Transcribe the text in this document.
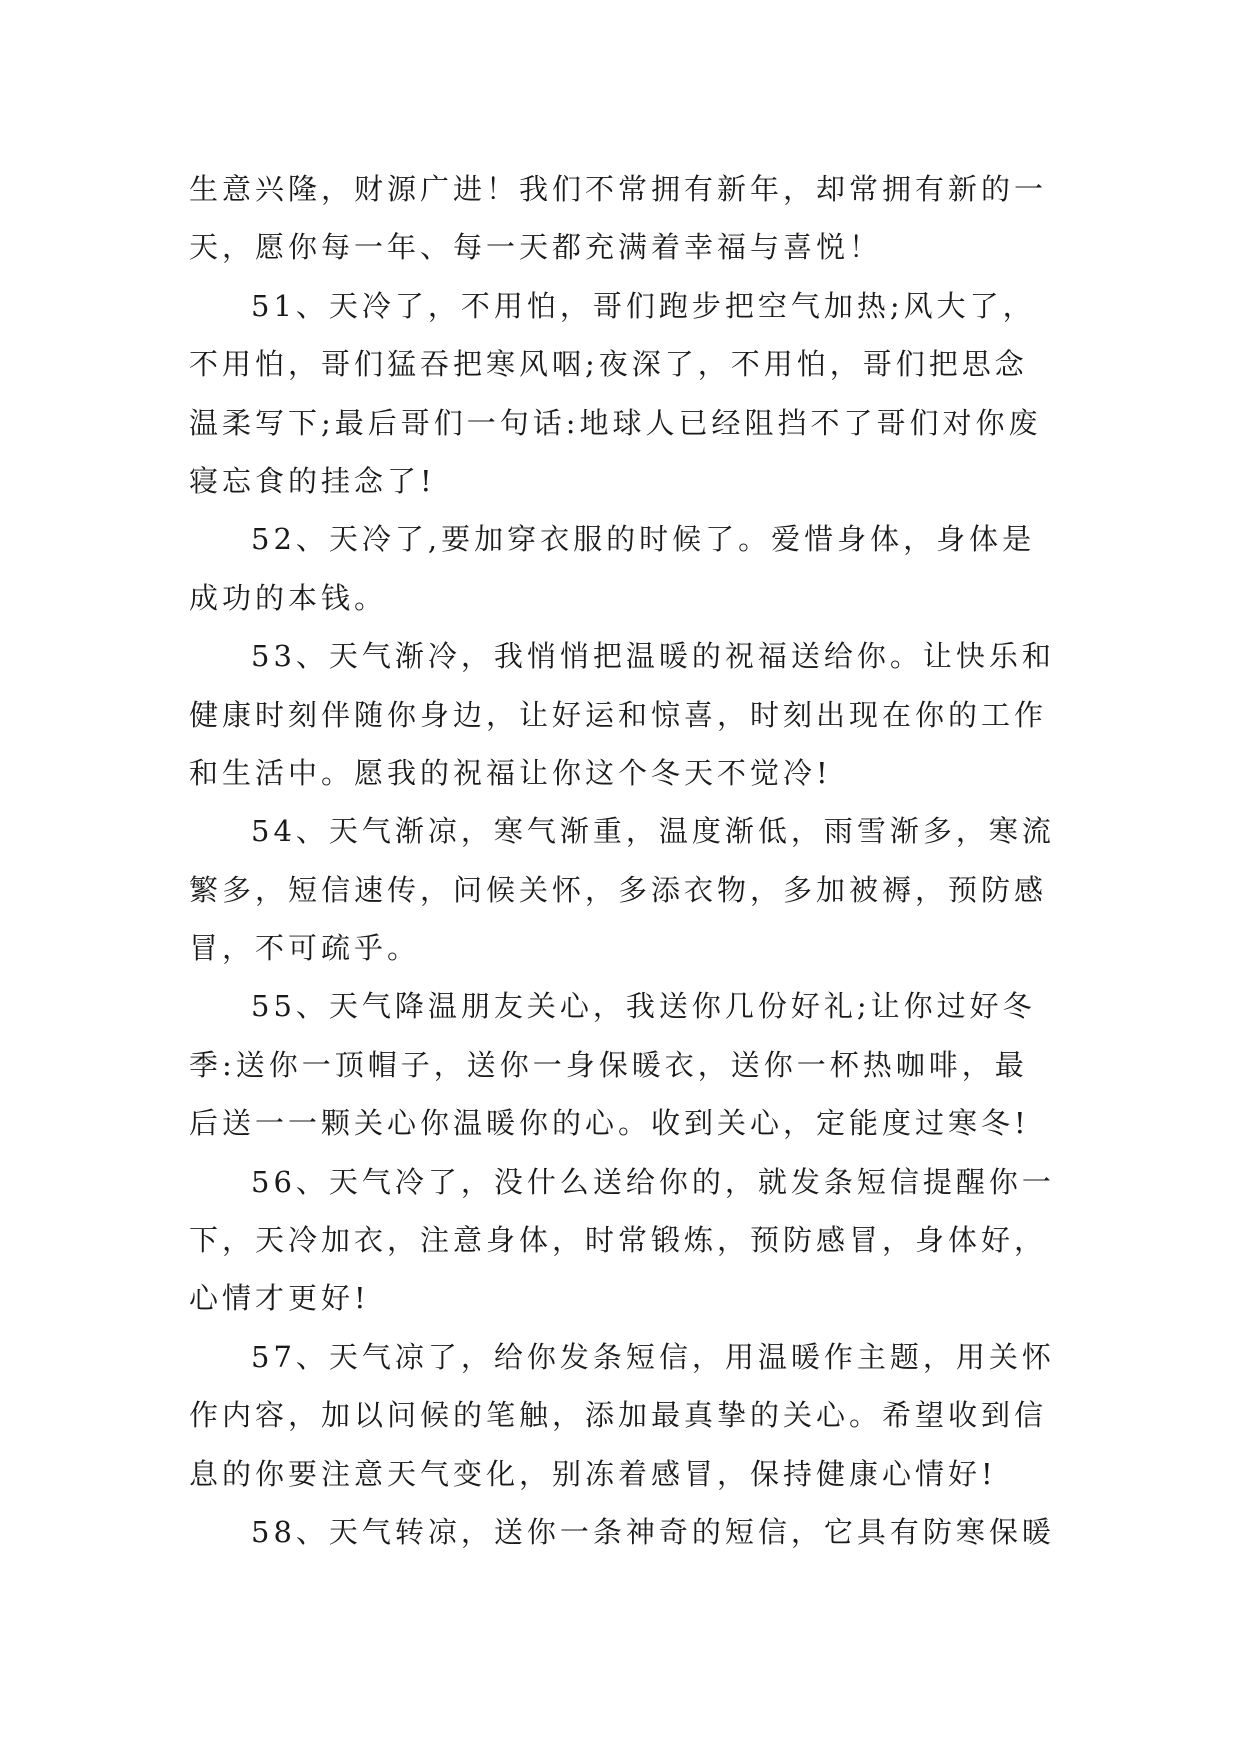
生意兴隆，财源广进！我们不常拥有新年，却常拥有新的一
天，愿你每一年、每一天都充满着幸福与喜悦！
51、天冷了，不用怕，哥们跑步把空气加热;风大了，
不用怕，哥们猛吞把寒风咽;夜深了，不用怕，哥们把思念
温柔写下;最后哥们一句话:地球人已经阻挡不了哥们对你废
寝忘食的挂念了!
52、天冷了,要加穿衣服的时候了。爱惜身体，身体是
成功的本钱。
53、天气渐冷，我悄悄把温暖的祝福送给你。让快乐和
健康时刻伴随你身边，让好运和惊喜，时刻出现在你的工作
和生活中。愿我的祝福让你这个冬天不觉冷!
54、天气渐凉，寒气渐重，温度渐低，雨雪渐多，寒流
繁多，短信速传，问候关怀，多添衣物，多加被褥，预防感
冒，不可疏乎。
55、天气降温朋友关心，我送你几份好礼;让你过好冬
季:送你一顶帽子，送你一身保暖衣，送你一杯热咖啡，最
后送一一颗关心你温暖你的心。收到关心，定能度过寒冬!
56、天气冷了，没什么送给你的，就发条短信提醒你一
下，天冷加衣，注意身体，时常锻炼，预防感冒，身体好，
心情才更好!
57、天气凉了，给你发条短信，用温暖作主题，用关怀
作内容，加以问候的笔触，添加最真挚的关心。希望收到信
息的你要注意天气变化，别冻着感冒，保持健康心情好!
58、天气转凉，送你一条神奇的短信，它具有防寒保暖
